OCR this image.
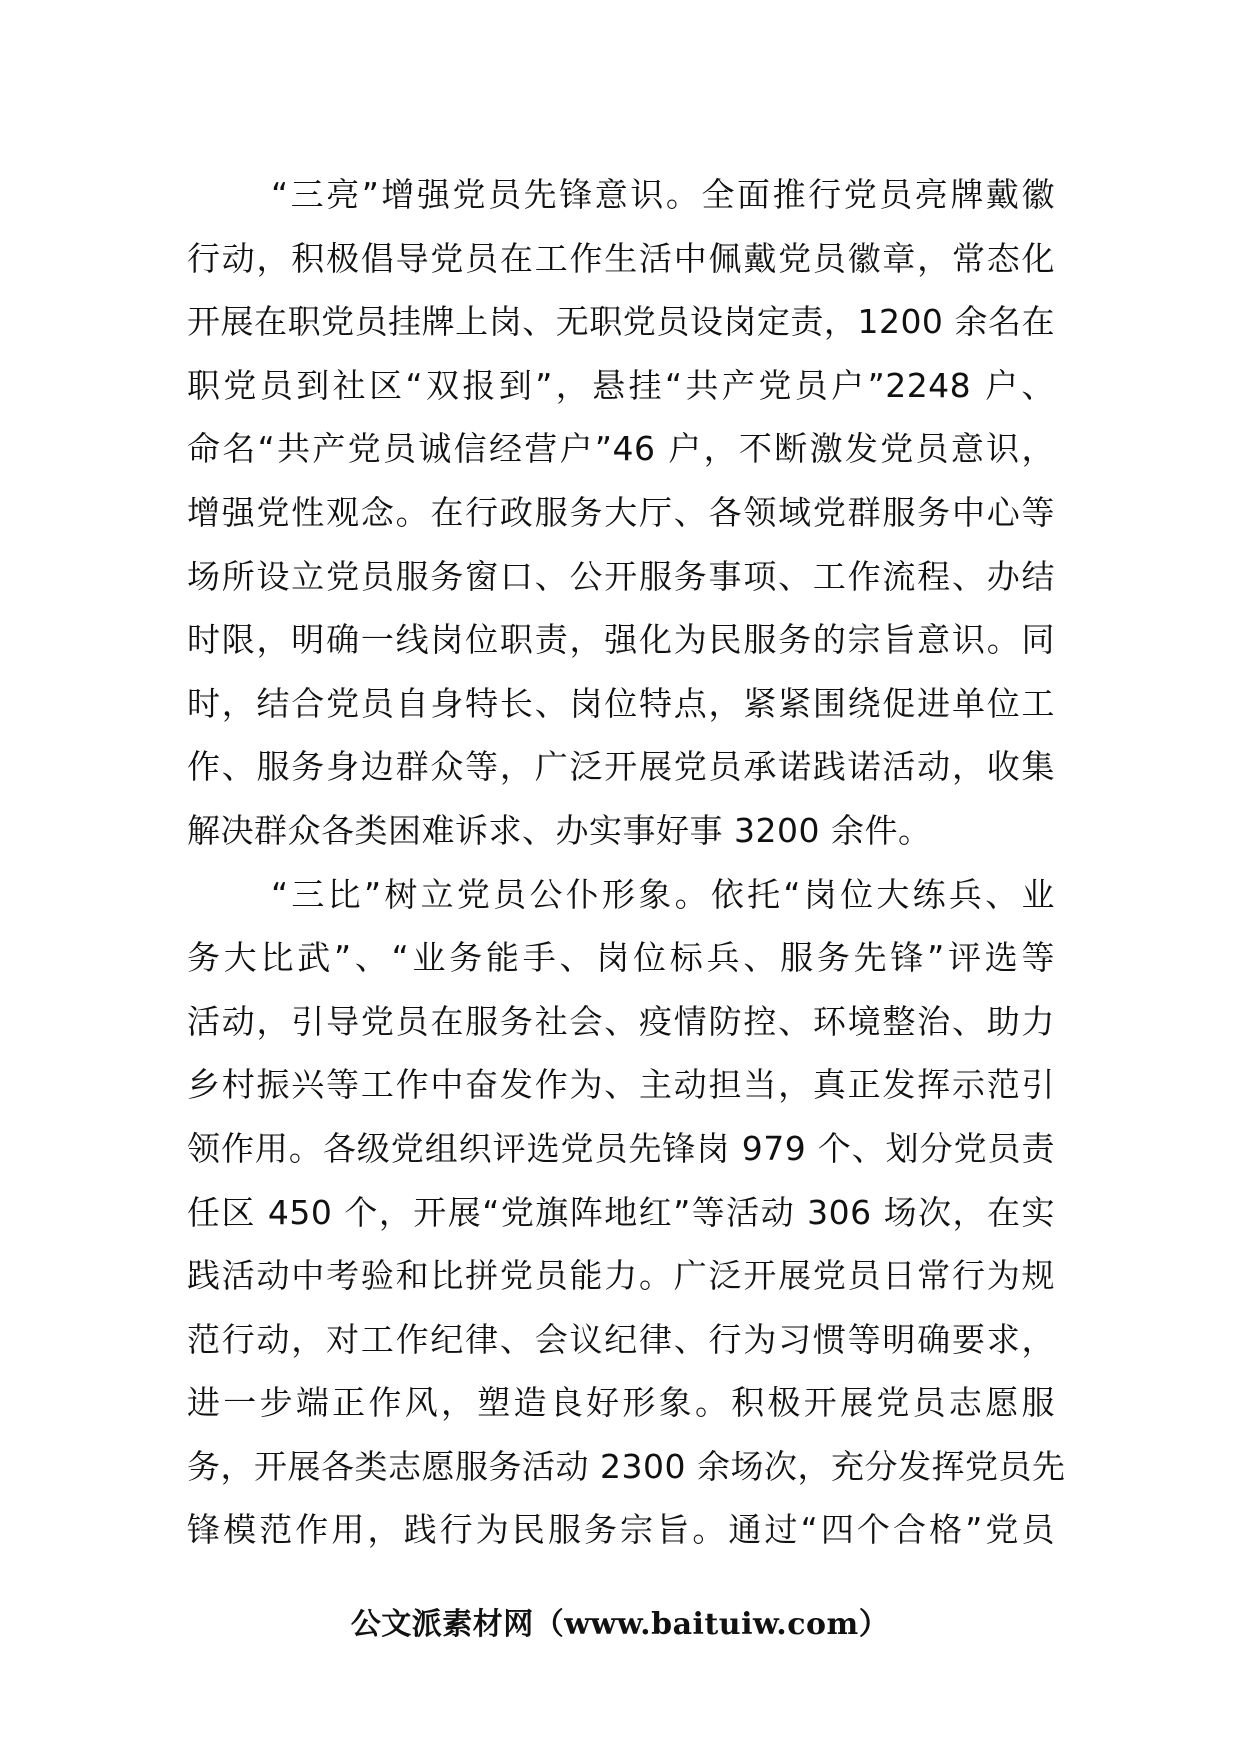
“三亮”增强党员先锋意识。全面推行党员亮牌戴徽
行动，积极倡导党员在工作生活中佩戴党员徽章，常态化
开展在职党员挂牌上岗、无职党员设岗定责，1200 余名在
职党员到社区“双报到”，悬挂“共产党员户”2248 户、
命名“共产党员诚信经营户”46 户，不断激发党员意识，
增强党性观念。在行政服务大厅、各领域党群服务中心等
场所设立党员服务窗口、公开服务事项、工作流程、办结
时限，明确一线岗位职责，强化为民服务的宗旨意识。同
时，结合党员自身特长、岗位特点，紧紧围绕促进单位工
作、服务身边群众等，广泛开展党员承诺践诺活动，收集
解决群众各类困难诉求、办实事好事 3200 余件。
“三比”树立党员公仆形象。依托“岗位大练兵、业
务大比武”、“业务能手、岗位标兵、服务先锋”评选等
活动，引导党员在服务社会、疫情防控、环境整治、助力
乡村振兴等工作中奋发作为、主动担当，真正发挥示范引
领作用。各级党组织评选党员先锋岗 979 个、划分党员责
任区 450 个，开展“党旗阵地红”等活动 306 场次，在实
践活动中考验和比拼党员能力。广泛开展党员日常行为规
范行动，对工作纪律、会议纪律、行为习惯等明确要求，
进一步端正作风，塑造良好形象。积极开展党员志愿服
务，开展各类志愿服务活动 2300 余场次，充分发挥党员先
锋模范作用，践行为民服务宗旨。通过“四个合格”党员
公文派素材网（www.baituiw.com）
